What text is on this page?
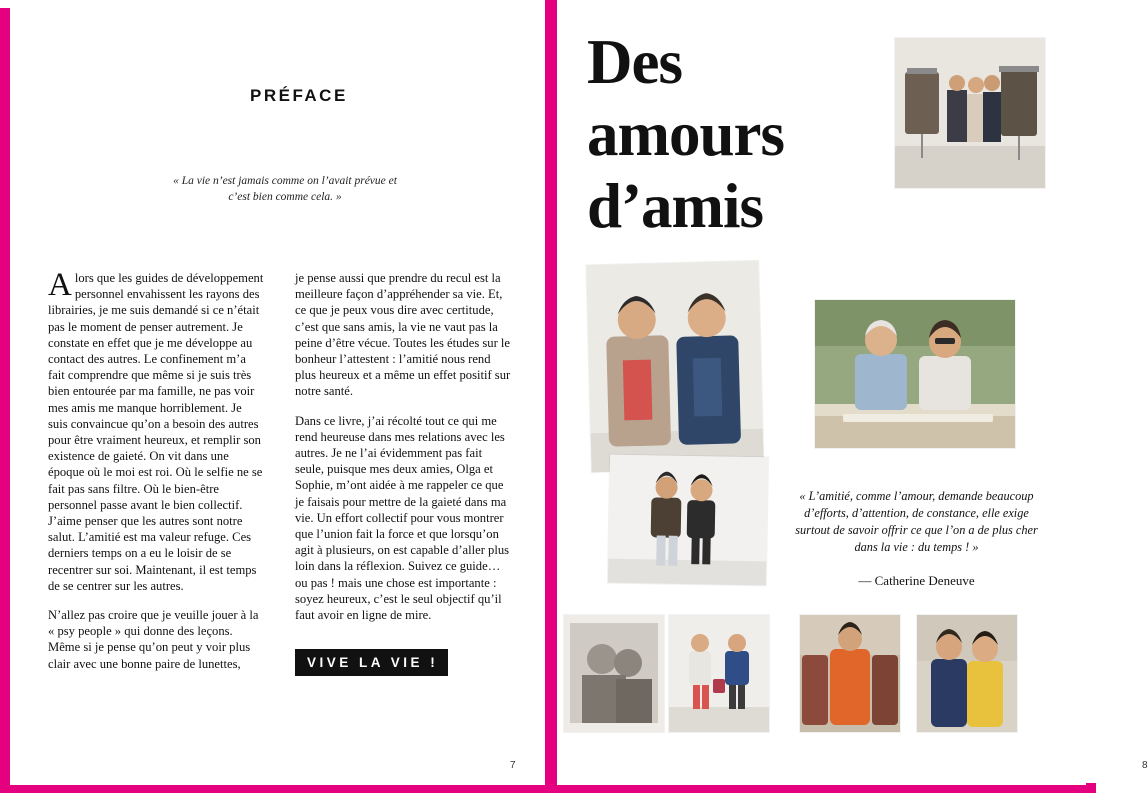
PRÉFACE
« La vie n’est jamais comme on l’avait prévue et c’est bien comme cela. »

Alors que les guides de développement personnel envahissent les rayons des librairies, je me suis demandé si ce n’était pas le moment de penser autrement. Je constate en effet que je me développe au contact des autres. Le confinement m’a fait comprendre que même si je suis très bien entourée par ma famille, ne pas voir mes amis me manque horriblement. Je suis convaincue qu’on a besoin des autres pour être vraiment heureux, et remplir son existence de gaieté. On vit dans une époque où le moi est roi. Où le selfie ne se fait pas sans filtre. Où le bien-être personnel passe avant le bien collectif. J’aime penser que les autres sont notre salut. L’amitié est ma valeur refuge. Ces derniers temps on a eu le loisir de se recentrer sur soi. Maintenant, il est temps de se centrer sur les autres.

N’allez pas croire que je veuille jouer à la « psy people » qui donne des leçons. Même si je pense qu’on peut y voir plus clair avec une bonne paire de lunettes,

je pense aussi que prendre du recul est la meilleure façon d’appréhender sa vie. Et, ce que je peux vous dire avec certitude, c’est que sans amis, la vie ne vaut pas la peine d’être vécue. Toutes les études sur le bonheur l’attestent : l’amitié nous rend plus heureux et a même un effet positif sur notre santé.

Dans ce livre, j’ai récolté tout ce qui me rend heureuse dans mes relations avec les autres. Je ne l’ai évidemment pas fait seule, puisque mes deux amies, Olga et Sophie, m’ont aidée à me rappeler ce que je faisais pour mettre de la gaieté dans ma vie. Un effort collectif pour vous montrer que l’union fait la force et que lorsqu’on agit à plusieurs, on est capable d’aller plus loin dans la réflexion. Suivez ce guide… ou pas ! mais une chose est importante : soyez heureux, c’est le seul objectif qu’il faut avoir en ligne de mire.

VIVE LA VIE !
7
Des
amours
d’amis
« L’amitié, comme l’amour, demande beaucoup d’efforts, d’attention, de constance, elle exige surtout de savoir offrir ce que l’on a de plus cher dans la vie : du temps ! »
— Catherine Deneuve
8
